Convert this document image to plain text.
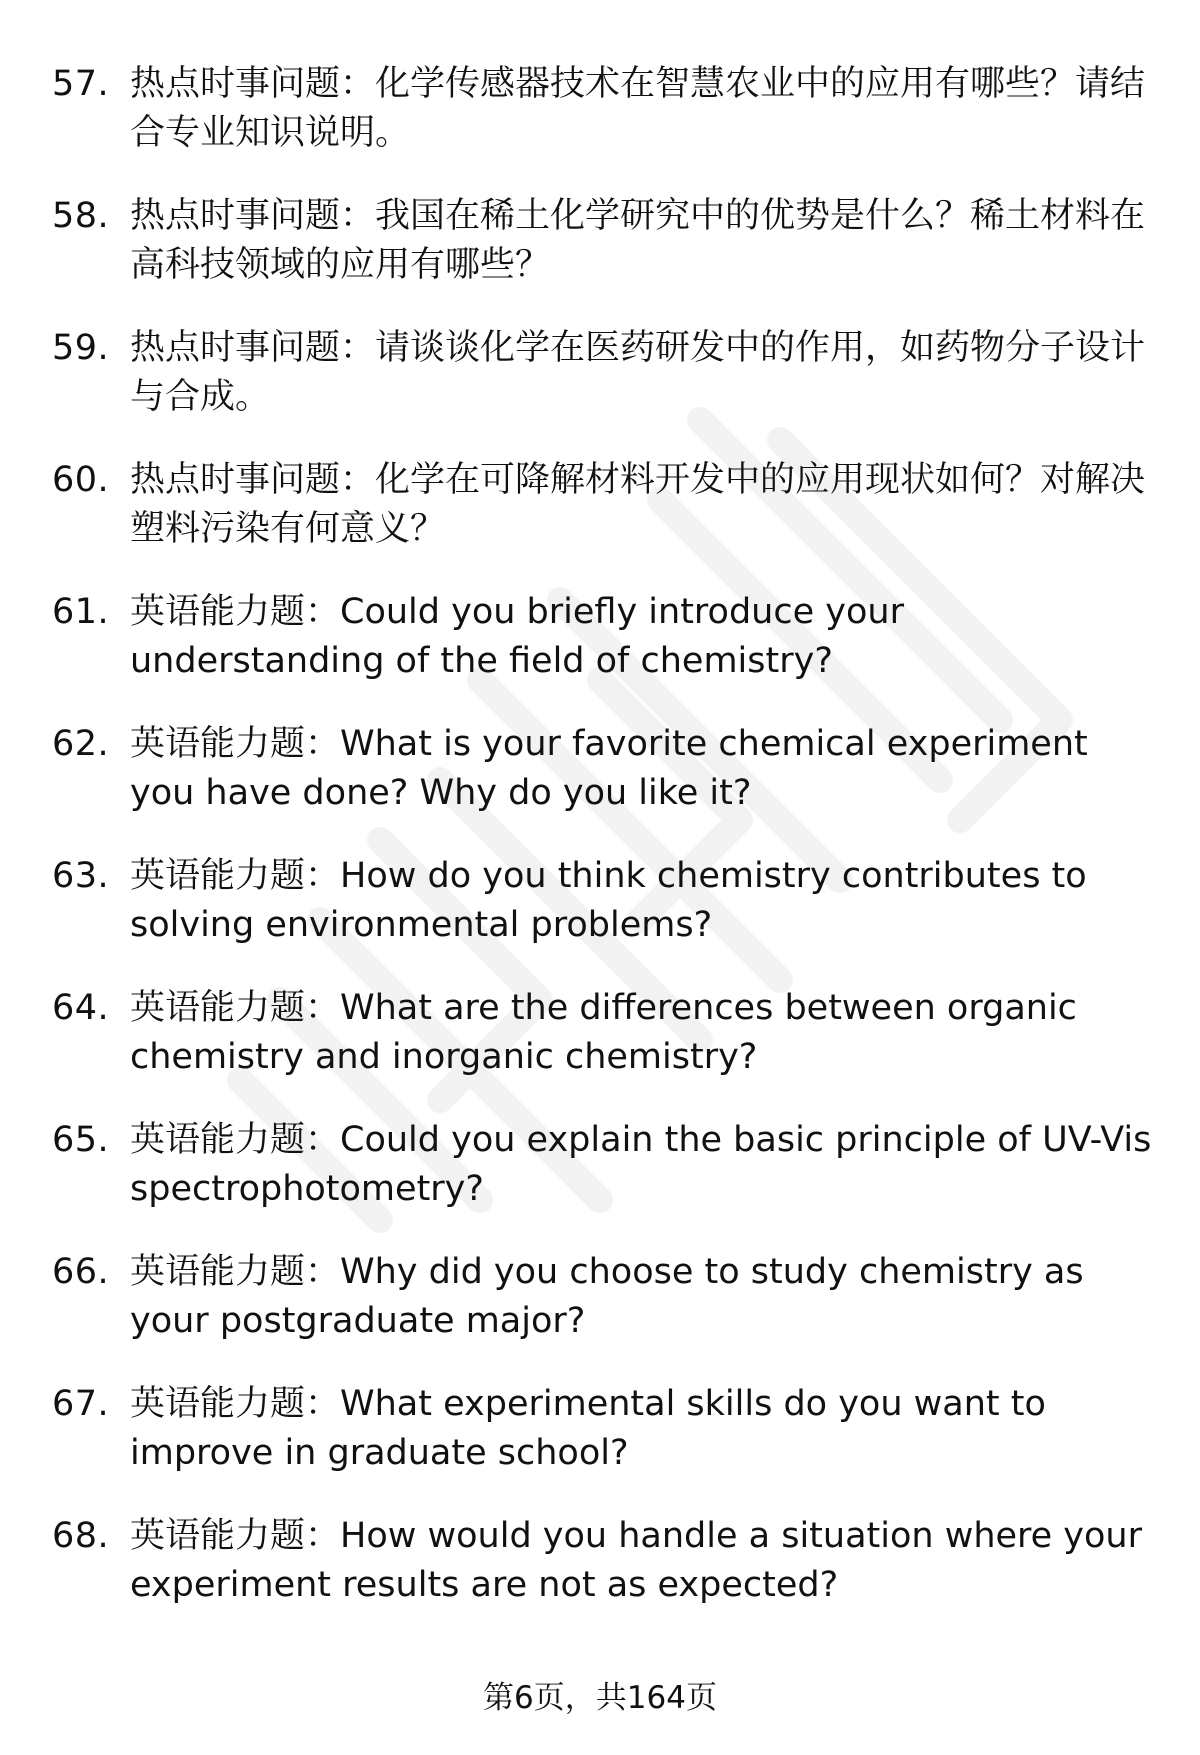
57. 热点时事问题：化学传感器技术在智慧农业中的应用有哪些？请结合专业知识说明。
58. 热点时事问题：我国在稀土化学研究中的优势是什么？稀土材料在高科技领域的应用有哪些？
59. 热点时事问题：请谈谈化学在医药研发中的作用，如药物分子设计与合成。
60. 热点时事问题：化学在可降解材料开发中的应用现状如何？对解决塑料污染有何意义？
61. 英语能力题：Could you briefly introduce your understanding of the field of chemistry?
62. 英语能力题：What is your favorite chemical experiment you have done? Why do you like it?
63. 英语能力题：How do you think chemistry contributes to solving environmental problems?
64. 英语能力题：What are the differences between organic chemistry and inorganic chemistry?
65. 英语能力题：Could you explain the basic principle of UV-Vis spectrophotometry?
66. 英语能力题：Why did you choose to study chemistry as your postgraduate major?
67. 英语能力题：What experimental skills do you want to improve in graduate school?
68. 英语能力题：How would you handle a situation where your experiment results are not as expected?
第6页，共164页
